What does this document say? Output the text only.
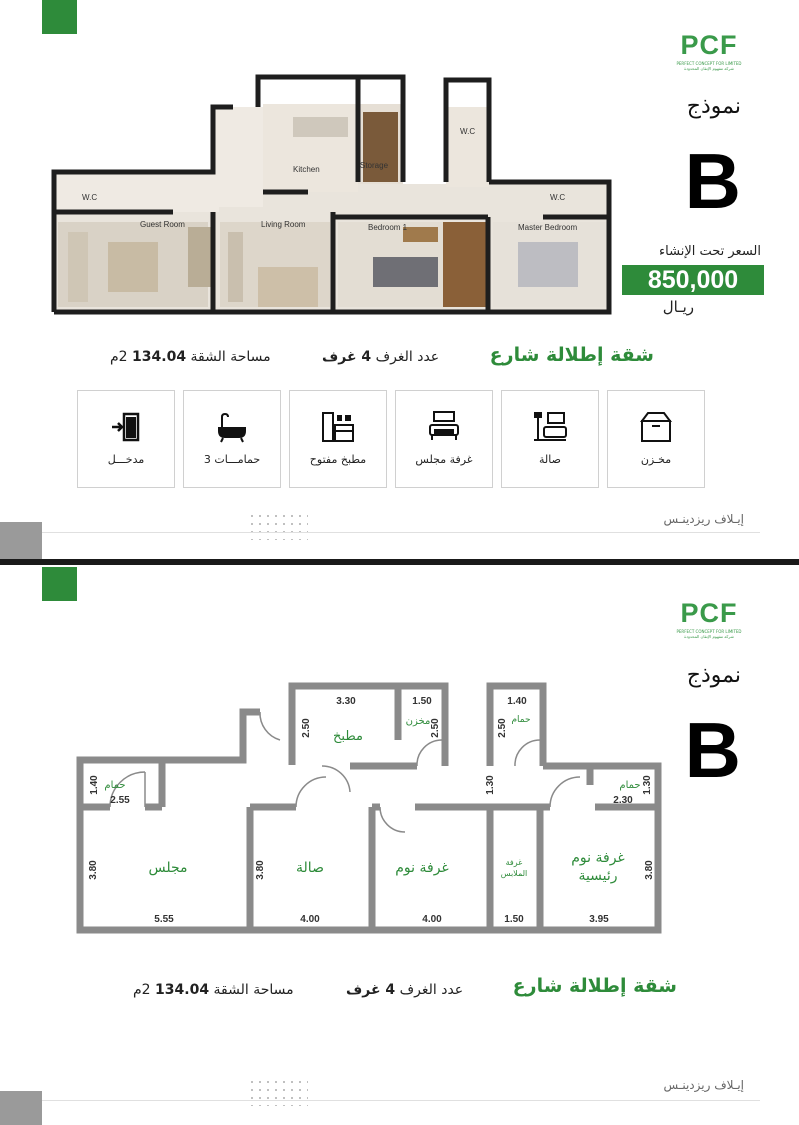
PCF
PERFECT CONCEPT FOR LIMITED
شركة مفهوم الإتقان المحدودة
نموذج
B
السعر تحت الإنشاء
850,000
ريـال
W.C
Kitchen	Storage
W.C
W.C
Guest Room	Living Room	Bedroom 1	Master Bedroom
شقة إطلالة شارع
عدد الغرف 4 غرف
مساحة الشقة 134.04 2م
مدخـــل	3 حمامـــات	مطبخ مفتوح	غرفة مجلس	صالة	مخـزن
إيـلاف ريزدينـس
PCF
PERFECT CONCEPT FOR LIMITED
شركة مفهوم الإتقان المحدودة
نموذج
B
مطبخ
مخزن	حمام
حمام	حمام
مجلس	صالة	غرفة نوم	غرفة
الملابس
غرفة نوم
رئيسية
3.30	1.50	1.40
2.50	2.50	2.50
1.40
2.55
1.30	1.30
2.30
3.80	3.80	3.80
5.55	4.00	4.00	1.50	3.95
شقة إطلالة شارع
عدد الغرف 4 غرف
مساحة الشقة 134.04 2م
إيـلاف ريزدينـس
